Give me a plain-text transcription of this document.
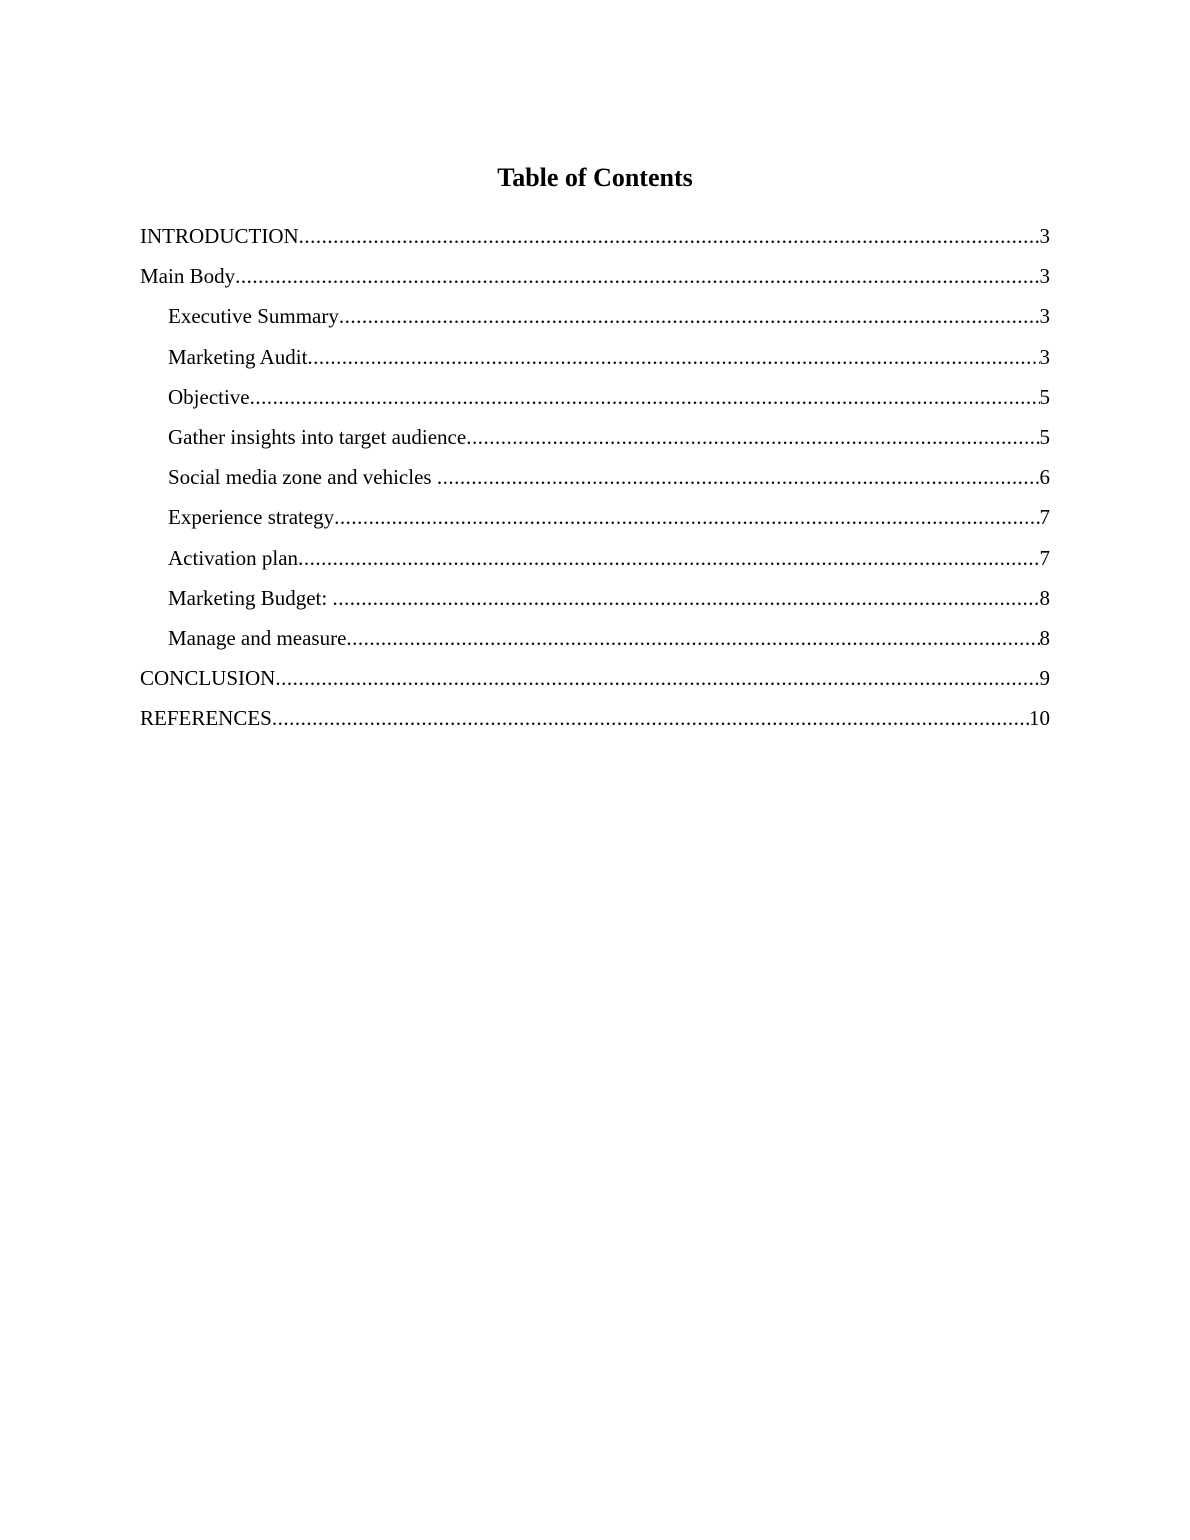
Table of Contents
INTRODUCTION .....	3
Main Body .....	3
Executive Summary .....	3
Marketing Audit .....	3
Objective .....	5
Gather insights into target audience .....	5
Social media zone and vehicles .....	6
Experience strategy .....	7
Activation plan .....	7
Marketing Budget: .....	8
Manage and measure .....	8
CONCLUSION .....	9
REFERENCES .....	10
